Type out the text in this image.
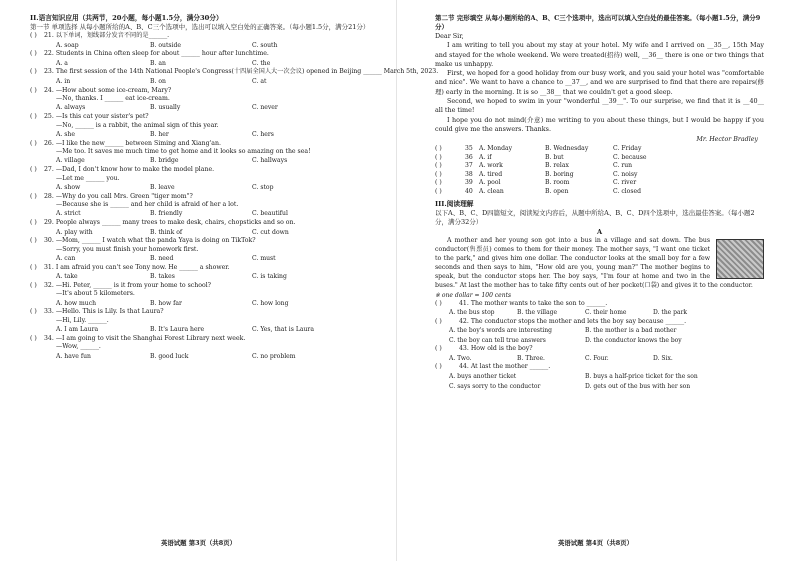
II.语言知识应用（共两节，20小题，每小题1.5分，满分30分）
第一节 单项选择 从每小题所给的A、B、C三个选项中，选出可以填入空白处的正确答案。（每小题1.5分，满分21分）
( ) 21. 以下单词，划线部分发音不同的是______.
A. soap	B. outside	C. south
( ) 22. Students in China often sleep for about ______ hour after lunchtime.
A. a	B. an	C. the
( ) 23. The first session of the 14th National People's Congress(十四届全国人大一次会议) opened in Beijing ______ March 5th, 2023.
A. in	B. on	C. at
( ) 24. —How about some ice-cream, Mary?
—No, thanks. I ______ eat ice-cream.
A. always	B. usually	C. never
( ) 25. —Is this cat your sister's pet?
—No, ______ is a rabbit, the animal sign of this year.
A. she	B. her	C. hers
( ) 26. —I like the new______ between Siming and Xiang'an.
—Me too. It saves me much time to get home and it looks so amazing on the sea!
A. village	B. bridge	C. hallways
( ) 27. —Dad, I don't know how to make the model plane.
—Let me ______ you.
A. show	B. leave	C. stop
( ) 28. —Why do you call Mrs. Green "tiger mom"?
—Because she is ______ and her child is afraid of her a lot.
A. strict	B. friendly	C. beautiful
( ) 29. People always ______ many trees to make desk, chairs, chopsticks and so on.
A. play with	B. think of	C. cut down
( ) 30. —Mom, ______ I watch what the panda Yaya is doing on TikTok?
—Sorry, you must finish your homework first.
A. can	B. need	C. must
( ) 31. I am afraid you can't see Tony now. He ______ a shower.
A. take	B. takes	C. is taking
( ) 32. —Hi. Peter, ______ is it from your home to school?
—It's about 5 kilometers.
A. how much	B. how far	C. how long
( ) 33. —Hello. This is Lily. Is that Laura?
—Hi, Lily. ______.
A. I am Laura	B. It's Laura here	C. Yes, that is Laura
( ) 34. —I am going to visit the Shanghai Forest Library next week.
—Wow, ______.
A. have fun	B. good luck	C. no problem
英语试题 第3页（共8页）
第二节 完形填空 从每小题所给的A、B、C三个选项中，选出可以填入空白处的最佳答案。（每小题1.5分，满分9分）
Dear Sir,

I am writing to tell you about my stay at your hotel. My wife and I arrived on __35__, 15th May and stayed for the whole weekend. We were treated(招待) well, __36__ there is one or two things that make us unhappy.

First, we hoped for a good holiday from our busy work, and you said your hotel was "comfortable and nice". We want to have a chance to __37__, and we are surprised to find that there are repairs(修理) early in the morning. It is so __38__ that we couldn't get a good sleep.

Second, we hoped to swim in your "wonderful __39__". To our surprise, we find that it is __40__ all the time!

I hope you do not mind(介意) me writing to you about these things, but I would be happy if you could give me the answers. Thanks.

Mr. Hector Bradley
( )	35 A. Monday	B. Wednesday	C. Friday
( )	36 A. if	B. but	C. because
( )	37 A. work	B. relax	C. run
( )	38 A. tired	B. boring	C. noisy
( )	39 A. pool	B. room	C. river
( )	40 A. clean	B. open	C. closed
III.阅读理解
以下A、B、C、D四篇短文，阅读短文内容后，从题中所给A、B、C、D四个选项中，选出最佳答案。（每小题2分，满分32分）
A

A mother and her young son got into a bus in a village and sat down. The bus conductor(售票员) comes to them for their money. The mother says, "I want one ticket to the park," and gives him one dollar. The conductor looks at the small boy for a few seconds and then says to him, "How old are you, young man?" The mother begins to speak, but the conductor stops her. The boy says, "I'm four at home and two in the buses." At last the mother has to take fifty cents out of her pocket(口袋) and gives it to the conductor.

※ one dollar = 100 cents
( )	41. The mother wants to take the son to ______.
A. the bus stop	B. the village	C. their home	D. the park
( )	42. The conductor stops the mother and lets the boy say because ______.
A. the boy's words are interesting	B. the mother is a bad mother
C. the boy can tell true answers	D. the conductor knows the boy
( )	43. How old is the boy?
A. Two.	B. Three.	C. Four.	D. Six.
( )	44. At last the mother ______.
A. buys another ticket	B. buys a half-price ticket for the son
C. says sorry to the conductor	D. gets out of the bus with her son
英语试题 第4页（共8页）
